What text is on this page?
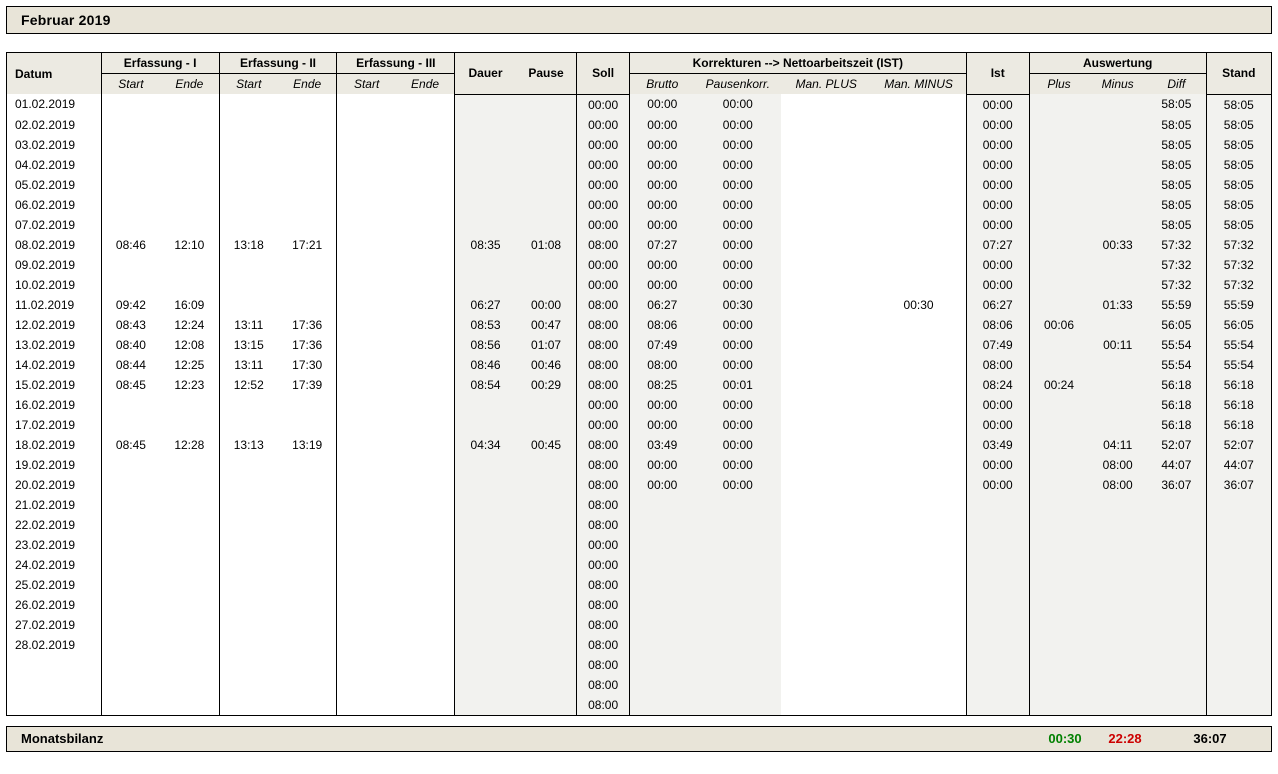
Februar 2019
Datum	Erfassung - I		Erfassung - II		Erfassung - III		Dauer	Pause	Soll	Korrekturen --> Nettoarbeitszeit (IST)				Ist	Auswertung			Stand
	Start	Ende	Start	Ende	Start	Ende				Brutto	Pausenkorr.	Man. PLUS	Man. MINUS		Plus	Minus	Diff	
01.02.2019									00:00	00:00	00:00			00:00			58:05	58:05
02.02.2019									00:00	00:00	00:00			00:00			58:05	58:05
03.02.2019									00:00	00:00	00:00			00:00			58:05	58:05
04.02.2019									00:00	00:00	00:00			00:00			58:05	58:05
05.02.2019									00:00	00:00	00:00			00:00			58:05	58:05
06.02.2019									00:00	00:00	00:00			00:00			58:05	58:05
07.02.2019									00:00	00:00	00:00			00:00			58:05	58:05
08.02.2019	08:46	12:10	13:18	17:21			08:35	01:08	08:00	07:27	00:00			07:27		00:33	57:32	57:32
09.02.2019									00:00	00:00	00:00			00:00			57:32	57:32
10.02.2019									00:00	00:00	00:00			00:00			57:32	57:32
11.02.2019	09:42	16:09					06:27	00:00	08:00	06:27	00:30		00:30	06:27		01:33	55:59	55:59
12.02.2019	08:43	12:24	13:11	17:36			08:53	00:47	08:00	08:06	00:00			08:06	00:06		56:05	56:05
13.02.2019	08:40	12:08	13:15	17:36			08:56	01:07	08:00	07:49	00:00			07:49		00:11	55:54	55:54
14.02.2019	08:44	12:25	13:11	17:30			08:46	00:46	08:00	08:00	00:00			08:00			55:54	55:54
15.02.2019	08:45	12:23	12:52	17:39			08:54	00:29	08:00	08:25	00:01			08:24	00:24		56:18	56:18
16.02.2019									00:00	00:00	00:00			00:00			56:18	56:18
17.02.2019									00:00	00:00	00:00			00:00			56:18	56:18
18.02.2019	08:45	12:28	13:13	13:19			04:34	00:45	08:00	03:49	00:00			03:49		04:11	52:07	52:07
19.02.2019									08:00	00:00	00:00			00:00		08:00	44:07	44:07
20.02.2019									08:00	00:00	00:00			00:00		08:00	36:07	36:07
21.02.2019									08:00									
22.02.2019									08:00									
23.02.2019									00:00									
24.02.2019									00:00									
25.02.2019									08:00									
26.02.2019									08:00									
27.02.2019									08:00									
28.02.2019									08:00									
									08:00									
									08:00									
									08:00									
Monatsbilanz	00:30	22:28	36:07
